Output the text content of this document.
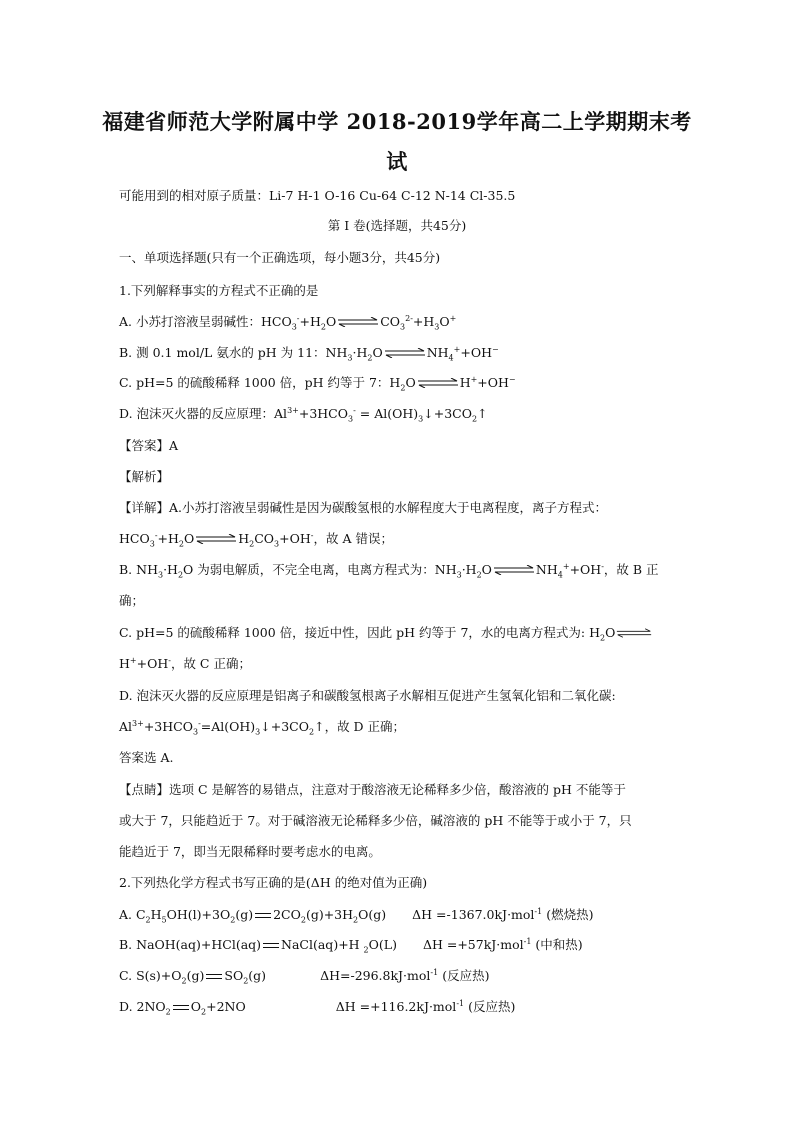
福建省师范大学附属中学 2018-2019学年高二上学期期末考
试
可能用到的相对原子质量：Li-7 H-1 O-16 Cu-64 C-12 N-14 Cl-35.5
第 Ⅰ 卷(选择题，共45分)
一、单项选择题(只有一个正确选项，每小题3分，共45分)
1.下列解释事实的方程式不正确的是
A. 小苏打溶液呈弱碱性：$HCO_3^-+H_2O\rightleftharpoons CO_3^{2-}+H_3O^+$
B. 测 0.1 mol/L 氨水的 pH 为 11：$NH_3\cdot H_2O\rightleftharpoons NH_4^++OH^-$
C. pH=5 的硫酸稀释 1000 倍，pH 约等于 7：$H_2O\rightleftharpoons H^++OH^-$
D. 泡沫灭火器的反应原理：$Al^{3+}+3HCO_3^-$ = $Al(OH)_3↓+3CO_2↑$
【答案】A
【解析】
【详解】A.小苏打溶液呈弱碱性是因为碳酸氢根的水解程度大于电离程度，离子方程式：
$HCO_3^-+H_2O\rightleftharpoons H_2CO_3+OH^-$，故 A 错误；
B. $NH_3\cdot H_2O$ 为弱电解质，不完全电离，电离方程式为：$NH_3\cdot H_2O\rightleftharpoons NH_4^++OH^-$，故 B 正
确；
C. pH=5 的硫酸稀释 1000 倍，接近中性，因此 pH 约等于 7，水的电离方程式为: $H_2O\rightleftharpoons$
H++OH-，故 C 正确；
D. 泡沫灭火器的反应原理是铝离子和碳酸氢根离子水解相互促进产生氢氧化铝和二氧化碳:
$Al^{3+}+3HCO_3^-=Al(OH)_3↓+3CO_2↑$，故 D 正确；
答案选 A.
【点睛】选项 C 是解答的易错点，注意对于酸溶液无论稀释多少倍，酸溶液的 pH 不能等于
或大于 7，只能趋近于 7。对于碱溶液无论稀释多少倍，碱溶液的 pH 不能等于或小于 7，只
能趋近于 7，即当无限稀释时要考虑水的电离。
2.下列热化学方程式书写正确的是(ΔH 的绝对值为正确)
A. $C_2H_5OH(l)+3O_2(g)$ $2CO_2(g)+3H_2O(g)$ ΔH =-1367.0kJ·mol$^{-1}$ (燃烧热)
B. NaOH(aq)+HCl(aq) NaCl(aq)+H $_2$O(L) ΔH =+57kJ·mol$^{-1}$ (中和热)
C. $S(s)+O_2(g)$ $SO_2(g)$	ΔH=-296.8kJ·mol$^{-1}$ (反应热)
D. $2NO_2$ $O_2+2NO$	ΔH =+116.2kJ·mol$^{-1}$ (反应热)
